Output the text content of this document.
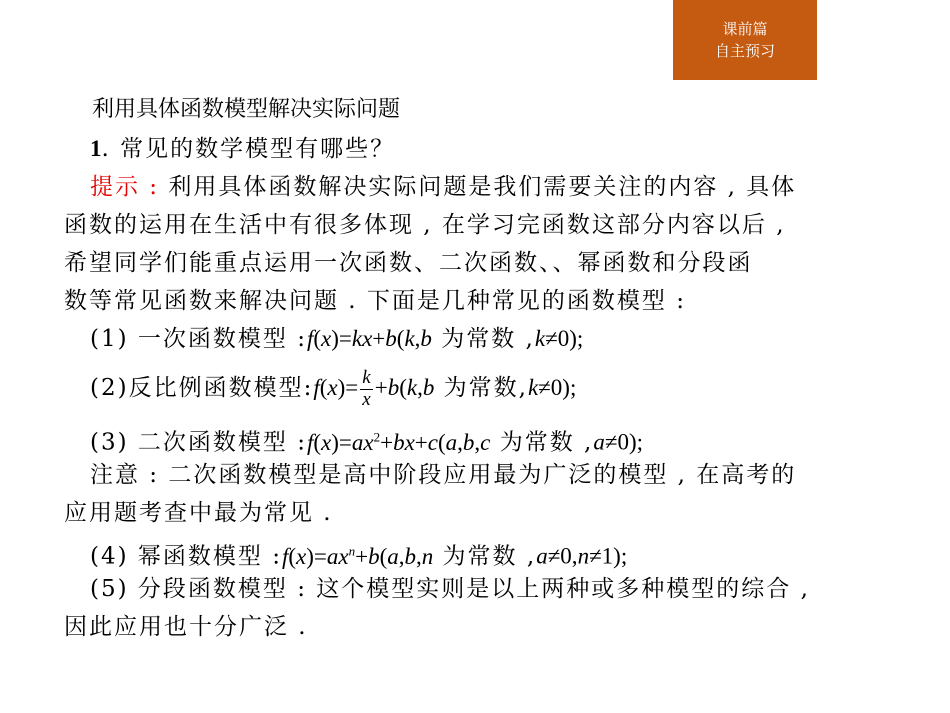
课前篇
自主预习
利用具体函数模型解决实际问题
1. 常见的数学模型有哪些？
提示 : 利用具体函数解决实际问题是我们需要关注的内容 , 具体
函数的运用在生活中有很多体现 , 在学习完函数这部分内容以后 ,
希望同学们能重点运用一次函数、二次函数、、幂函数和分段函
数等常见函数来解决问题 . 下面是几种常见的函数模型 :
(1) 一次函数模型 :f(x)=kx+b(k,b 为常数 ,k≠0);
(2)反比例函数模型:f(x)= $\frac{k}{x} +b(k,b$ 为常数,k≠0);
(3) 二次函数模型 $:f(x)=ax^2+bx+c(a,b,c$ 为常数 ,a≠0);
注意 : 二次函数模型是高中阶段应用最为广泛的模型 , 在高考的
应用题考查中最为常见 .
(4) 幂函数模型 $:f(x)=ax^n+b(a,b,n$ 为常数 ,a≠0,n≠1);
(5) 分段函数模型 : 这个模型实则是以上两种或多种模型的综合 ,
因此应用也十分广泛 .
